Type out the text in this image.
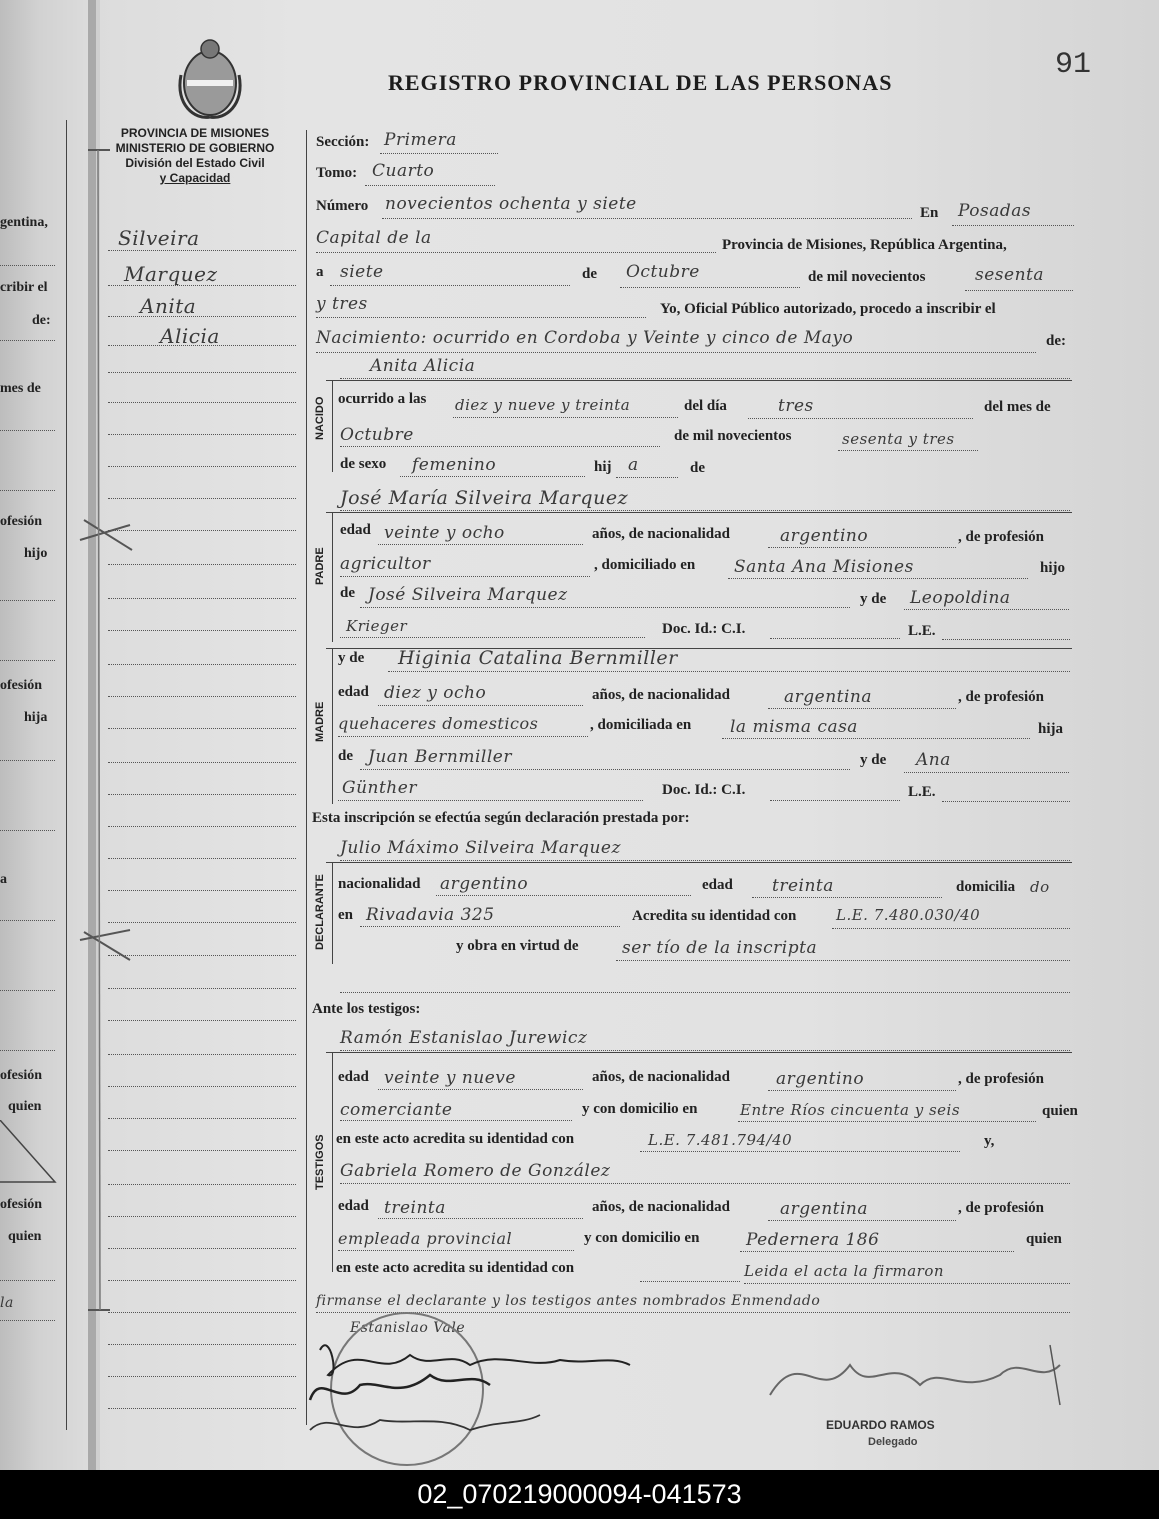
gentina,
cribir el
de:
mes de
ofesión
hijo
ofesión
hija
a
ofesión
quien
ofesión
quien
la
REGISTRO PROVINCIAL DE LAS PERSONAS
91
PROVINCIA DE MISIONES
MINISTERIO DE GOBIERNO
División del Estado Civil
y Capacidad
Silveira
Marquez
Anita
Alicia
Sección: Primera
Tomo: Cuarto
Número novecientos ochenta y siete	En Posadas
Capital de la	Provincia de Misiones, República Argentina,
a siete	de Octubre	de mil novecientos	sesenta
y tres	Yo, Oficial Público autorizado, procedo a inscribir el
Nacimiento: ocurrido en Cordoba y Veinte y cinco de Mayo	de:
NACIDO
Anita Alicia
ocurrido a las diez y nueve y treinta	del día	tres	del mes de
Octubre	de mil novecientos	sesenta y tres
de sexo femenino	hij a	de
PADRE
José María Silveira Marquez
edad veinte y ocho	años, de nacionalidad	argentino	, de profesión
agricultor	, domiciliado en Santa Ana Misiones	hijo
de José Silveira Marquez	y de Leopoldina
Krieger	Doc. Id.: C.I.	L.E.
MADRE
y de Higinia Catalina Bernmiller
edad diez y ocho	años, de nacionalidad	argentina	, de profesión
quehaceres domesticos	, domiciliada en la misma casa	hija
de Juan Bernmiller	y de Ana
Günther	Doc. Id.: C.I.	L.E.
Esta inscripción se efectúa según declaración prestada por:
DECLARANTE
Julio Máximo Silveira Marquez
nacionalidad argentino	edad treinta	domicilia do
en Rivadavia 325	Acredita su identidad con	L.E. 7.480.030/40
y obra en virtud de	ser tío de la inscripta
Ante los testigos:
TESTIGOS
Ramón Estanislao Jurewicz
edad veinte y nueve	años, de nacionalidad	argentino	, de profesión
comerciante	y con domicilio en	Entre Ríos cincuenta y seis	quien
en este acto acredita su identidad con	L.E. 7.481.794/40	y,
Gabriela Romero de González
edad treinta	años, de nacionalidad	argentina	, de profesión
empleada provincial	y con domicilio en	Pedernera 186	quien
en este acto acredita su identidad con	Leida el acta la firmaron
firmanse el declarante y los testigos antes nombrados Enmendado
Estanislao Vale
EDUARDO RAMOS
Delegado
02_070219000094-041573
